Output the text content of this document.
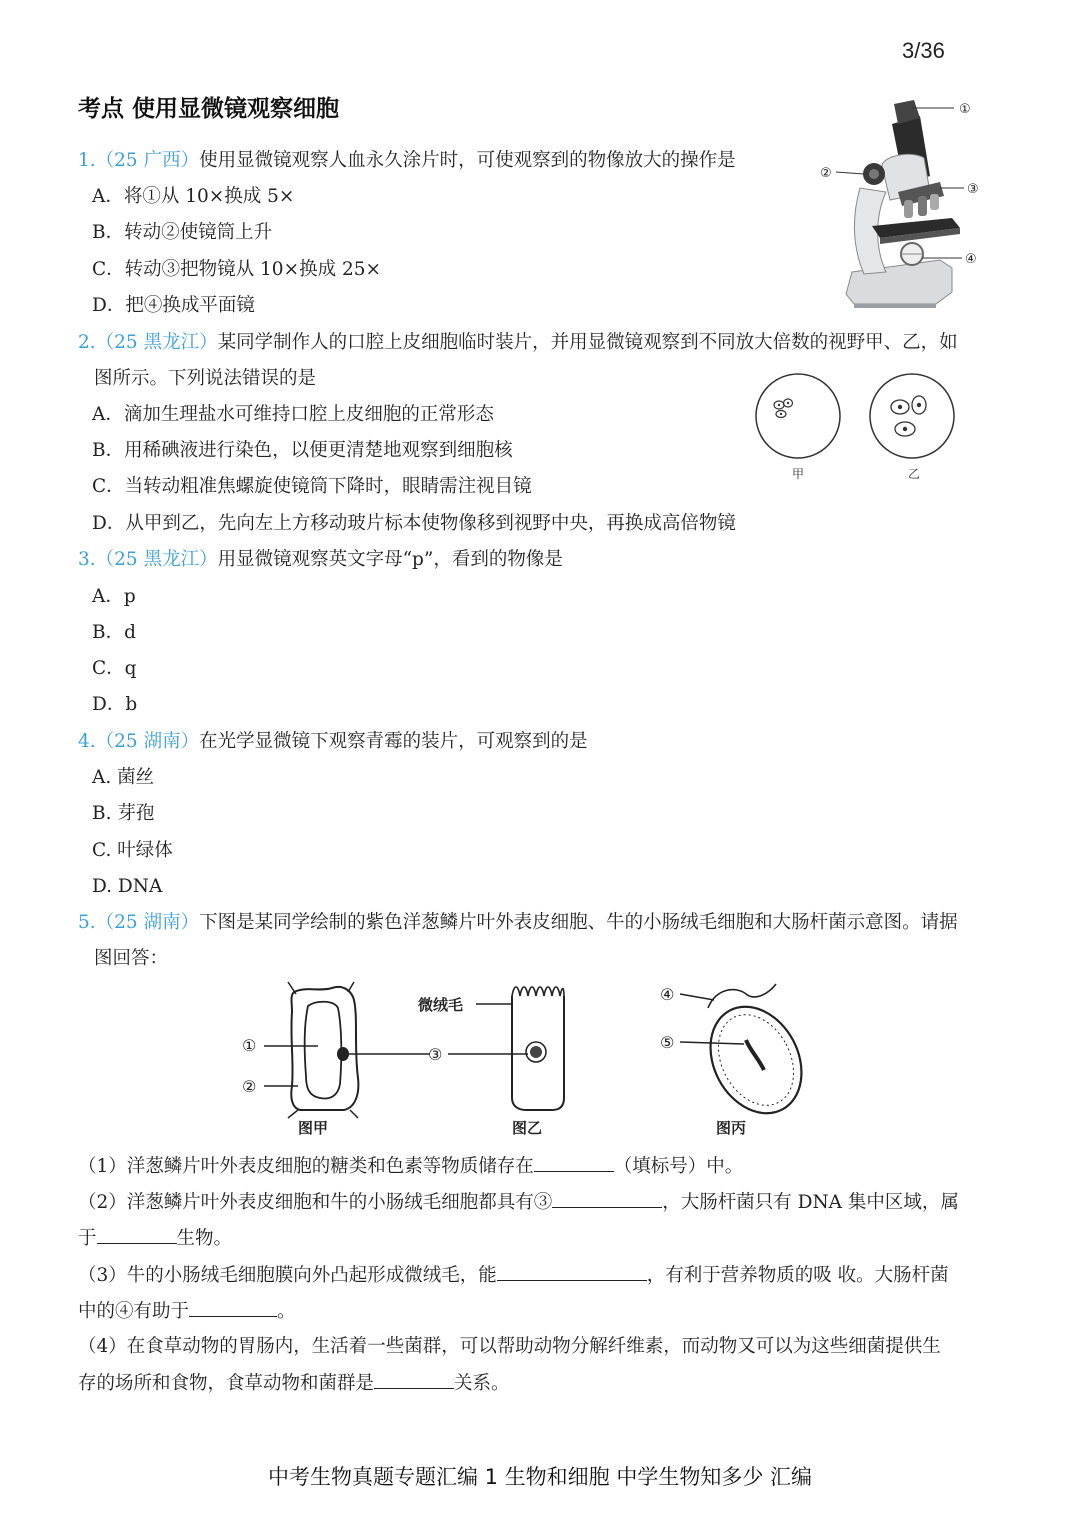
3/36
考点 使用显微镜观察细胞
1.（25 广西）使用显微镜观察人血永久涂片时，可使观察到的物像放大的操作是
A．将①从 10×换成 5×
B．转动②使镜筒上升
C．转动③把物镜从 10×换成 25×
D．把④换成平面镜
①
②
③
④
2.（25 黑龙江）某同学制作人的口腔上皮细胞临时装片，并用显微镜观察到不同放大倍数的视野甲、乙，如
图所示。下列说法错误的是
A．滴加生理盐水可维持口腔上皮细胞的正常形态
B．用稀碘液进行染色，以便更清楚地观察到细胞核
C．当转动粗准焦螺旋使镜筒下降时，眼睛需注视目镜
D．从甲到乙，先向左上方移动玻片标本使物像移到视野中央，再换成高倍物镜
甲	乙
3.（25 黑龙江）用显微镜观察英文字母“p”，看到的物像是
A．p
B．d
C．q
D．b
4.（25 湖南）在光学显微镜下观察青霉的装片，可观察到的是
A. 菌丝
B. 芽孢
C. 叶绿体
D. DNA
5.（25 湖南）下图是某同学绘制的紫色洋葱鳞片叶外表皮细胞、牛的小肠绒毛细胞和大肠杆菌示意图。请据
图回答：
①
②
③
图甲
微绒毛
图乙
④
⑤
图丙
（1）洋葱鳞片叶外表皮细胞的糖类和色素等物质储存在	（填标号）中。
（2）洋葱鳞片叶外表皮细胞和牛的小肠绒毛细胞都具有③	，大肠杆菌只有 DNA 集中区域，属
于	生物。
（3）牛的小肠绒毛细胞膜向外凸起形成微绒毛，能	，有利于营养物质的吸 收。大肠杆菌
中的④有助于	。
（4）在食草动物的胃肠内，生活着一些菌群，可以帮助动物分解纤维素，而动物又可以为这些细菌提供生
存的场所和食物，食草动物和菌群是	关系。
中考生物真题专题汇编 1 生物和细胞 中学生物知多少 汇编
